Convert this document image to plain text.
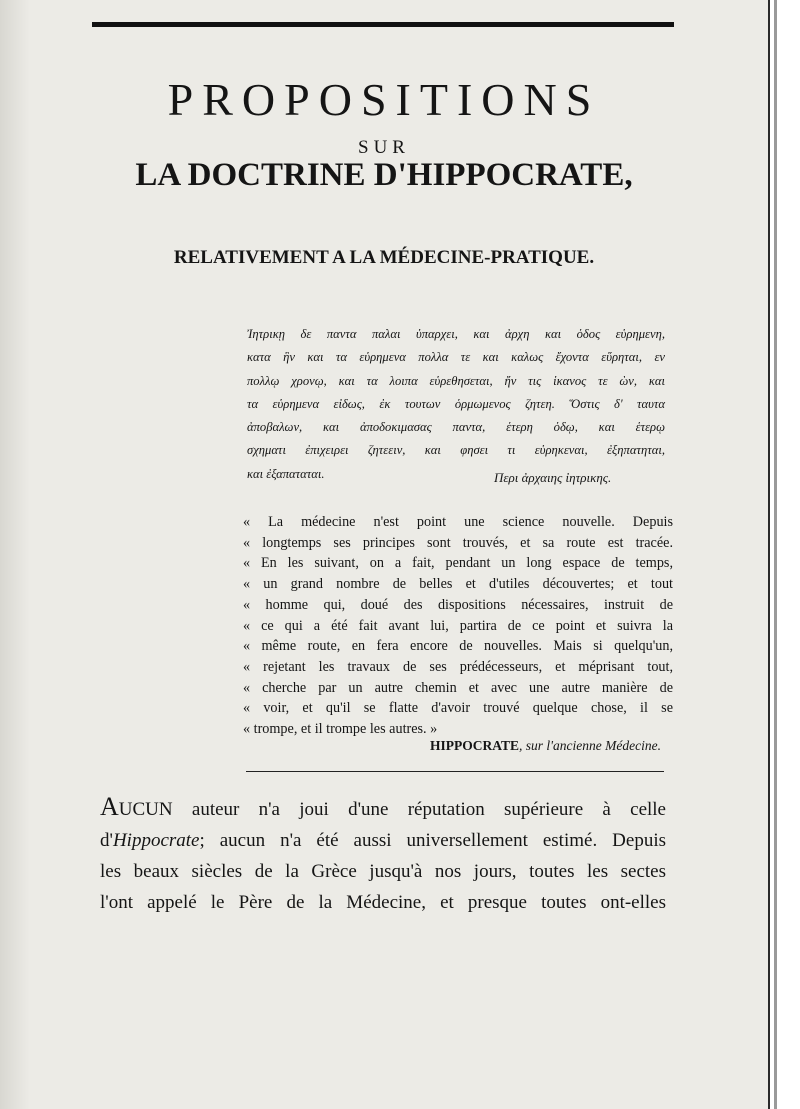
PROPOSITIONS
SUR
LA DOCTRINE D'HIPPOCRATE,
RELATIVEMENT A LA MÉDECINE-PRATIQUE.
Ἰητρικῃ δε παντα παλαι ὑπαρχει, και ἀρχη και ὁδος εὑρημενη,
κατα ἣν και τα εὑρημενα πολλα τε και καλως ἔχοντα εὕρηται, εν
πολλῳ χρονῳ, και τα λοιπα εὑρεθησεται, ἤν τις ἱκανος τε ὼν, και
τα εὑρημενα εἰδως, ἐκ τουτων ὁρμωμενος ζητεη. Ὅστις δ' ταυτα
ἀποβαλων, και ἀποδοκιμασας παντα, ἑτερη ὁδῳ, και ἑτερῳ
σχηματι ἐπιχειρει ζητεειν, και φησει τι εὑρηκεναι, ἐξηπατηται,
και ἐξαπαταται.	Περι ἀρχαιης ἰητρικης.
« La médecine n'est point une science nouvelle. Depuis
« longtemps ses principes sont trouvés, et sa route est tracée.
« En les suivant, on a fait, pendant un long espace de temps,
« un grand nombre de belles et d'utiles découvertes; et tout
« homme qui, doué des dispositions nécessaires, instruit de
« ce qui a été fait avant lui, partira de ce point et suivra la
« même route, en fera encore de nouvelles. Mais si quelqu'un,
« rejetant les travaux de ses prédécesseurs, et méprisant tout,
« cherche par un autre chemin et avec une autre manière de
« voir, et qu'il se flatte d'avoir trouvé quelque chose, il se
« trompe, et il trompe les autres. »
HIPPOCRATE, sur l'ancienne Médecine.
AUCUN auteur n'a joui d'une réputation supérieure à celle
d'Hippocrate; aucun n'a été aussi universellement estimé. Depuis
les beaux siècles de la Grèce jusqu'à nos jours, toutes les sectes
l'ont appelé le Père de la Médecine, et presque toutes ont-elles
